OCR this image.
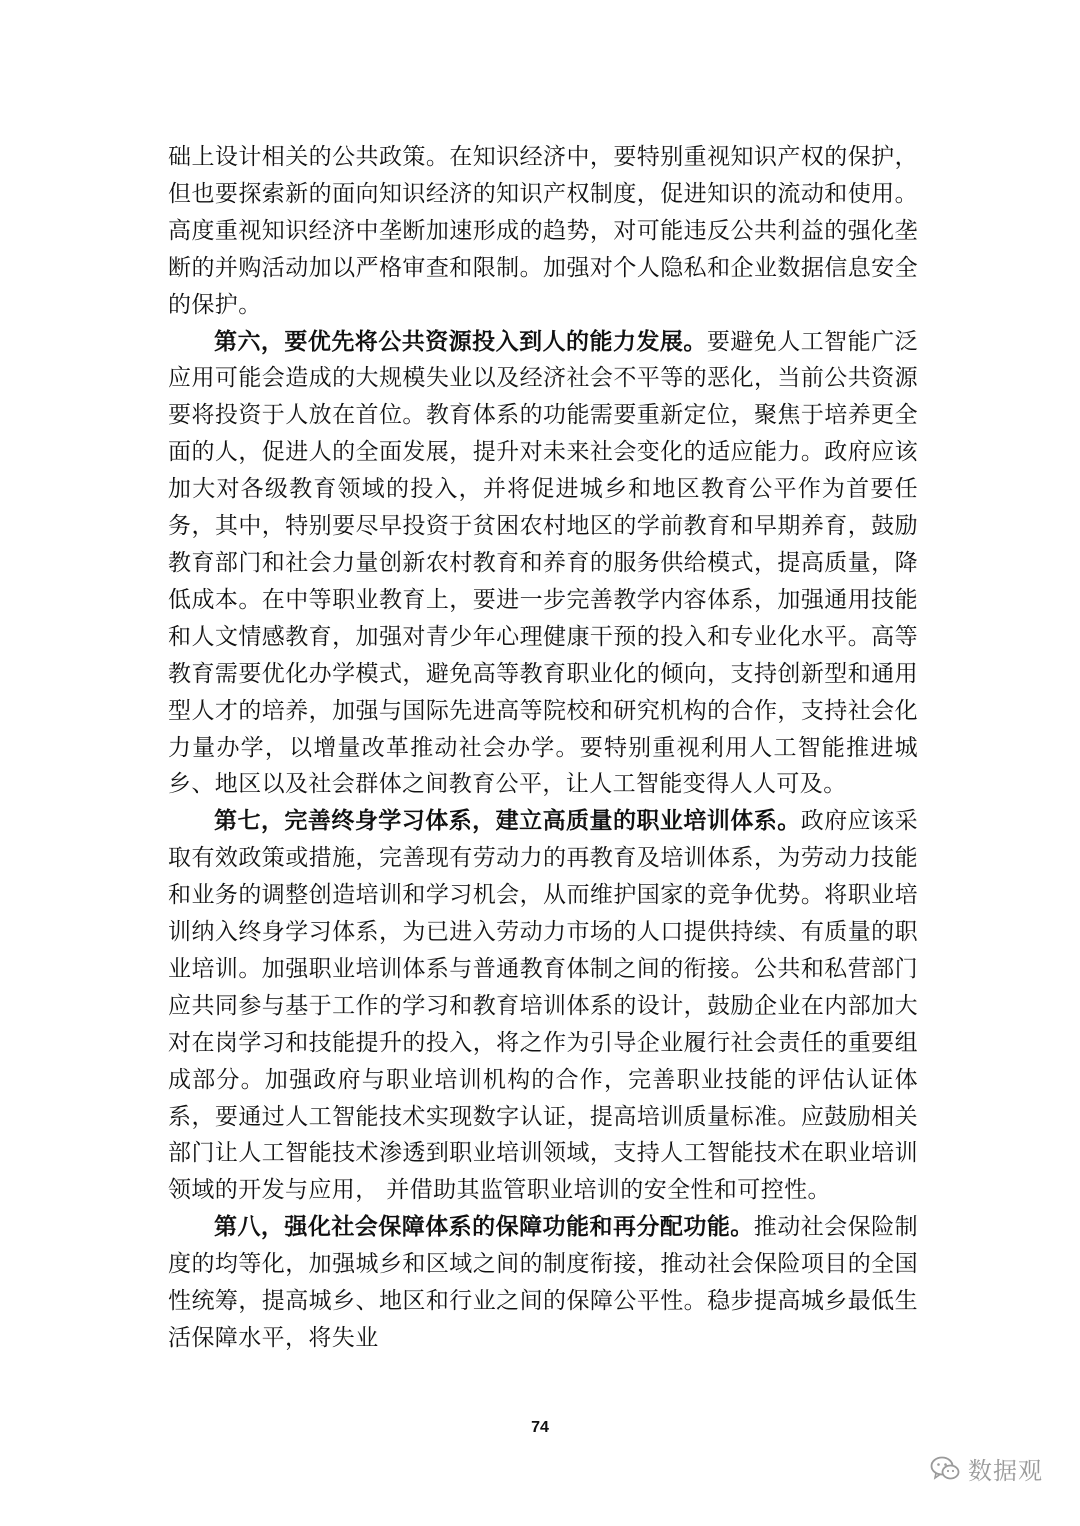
础上设计相关的公共政策。在知识经济中，要特别重视知识产权的保护，但也要探索新的面向知识经济的知识产权制度，促进知识的流动和使用。高度重视知识经济中垄断加速形成的趋势，对可能违反公共利益的强化垄断的并购活动加以严格审查和限制。加强对个人隐私和企业数据信息安全的保护。

第六，要优先将公共资源投入到人的能力发展。要避免人工智能广泛应用可能会造成的大规模失业以及经济社会不平等的恶化，当前公共资源要将投资于人放在首位。教育体系的功能需要重新定位，聚焦于培养更全面的人，促进人的全面发展，提升对未来社会变化的适应能力。政府应该加大对各级教育领域的投入，并将促进城乡和地区教育公平作为首要任务，其中，特别要尽早投资于贫困农村地区的学前教育和早期养育，鼓励教育部门和社会力量创新农村教育和养育的服务供给模式，提高质量，降低成本。在中等职业教育上，要进一步完善教学内容体系，加强通用技能和人文情感教育，加强对青少年心理健康干预的投入和专业化水平。高等教育需要优化办学模式，避免高等教育职业化的倾向，支持创新型和通用型人才的培养，加强与国际先进高等院校和研究机构的合作，支持社会化力量办学，以增量改革推动社会办学。要特别重视利用人工智能推进城乡、地区以及社会群体之间教育公平，让人工智能变得人人可及。

第七，完善终身学习体系，建立高质量的职业培训体系。政府应该采取有效政策或措施，完善现有劳动力的再教育及培训体系，为劳动力技能和业务的调整创造培训和学习机会，从而维护国家的竞争优势。将职业培训纳入终身学习体系，为已进入劳动力市场的人口提供持续、有质量的职业培训。加强职业培训体系与普通教育体制之间的衔接。公共和私营部门应共同参与基于工作的学习和教育培训体系的设计，鼓励企业在内部加大对在岗学习和技能提升的投入，将之作为引导企业履行社会责任的重要组成部分。加强政府与职业培训机构的合作，完善职业技能的评估认证体系，要通过人工智能技术实现数字认证，提高培训质量标准。应鼓励相关部门让人工智能技术渗透到职业培训领域，支持人工智能技术在职业培训领域的开发与应用， 并借助其监管职业培训的安全性和可控性。

第八，强化社会保障体系的保障功能和再分配功能。推动社会保险制度的均等化，加强城乡和区域之间的制度衔接，推动社会保险项目的全国性统筹，提高城乡、地区和行业之间的保障公平性。稳步提高城乡最低生活保障水平，将失业

74
数据观
